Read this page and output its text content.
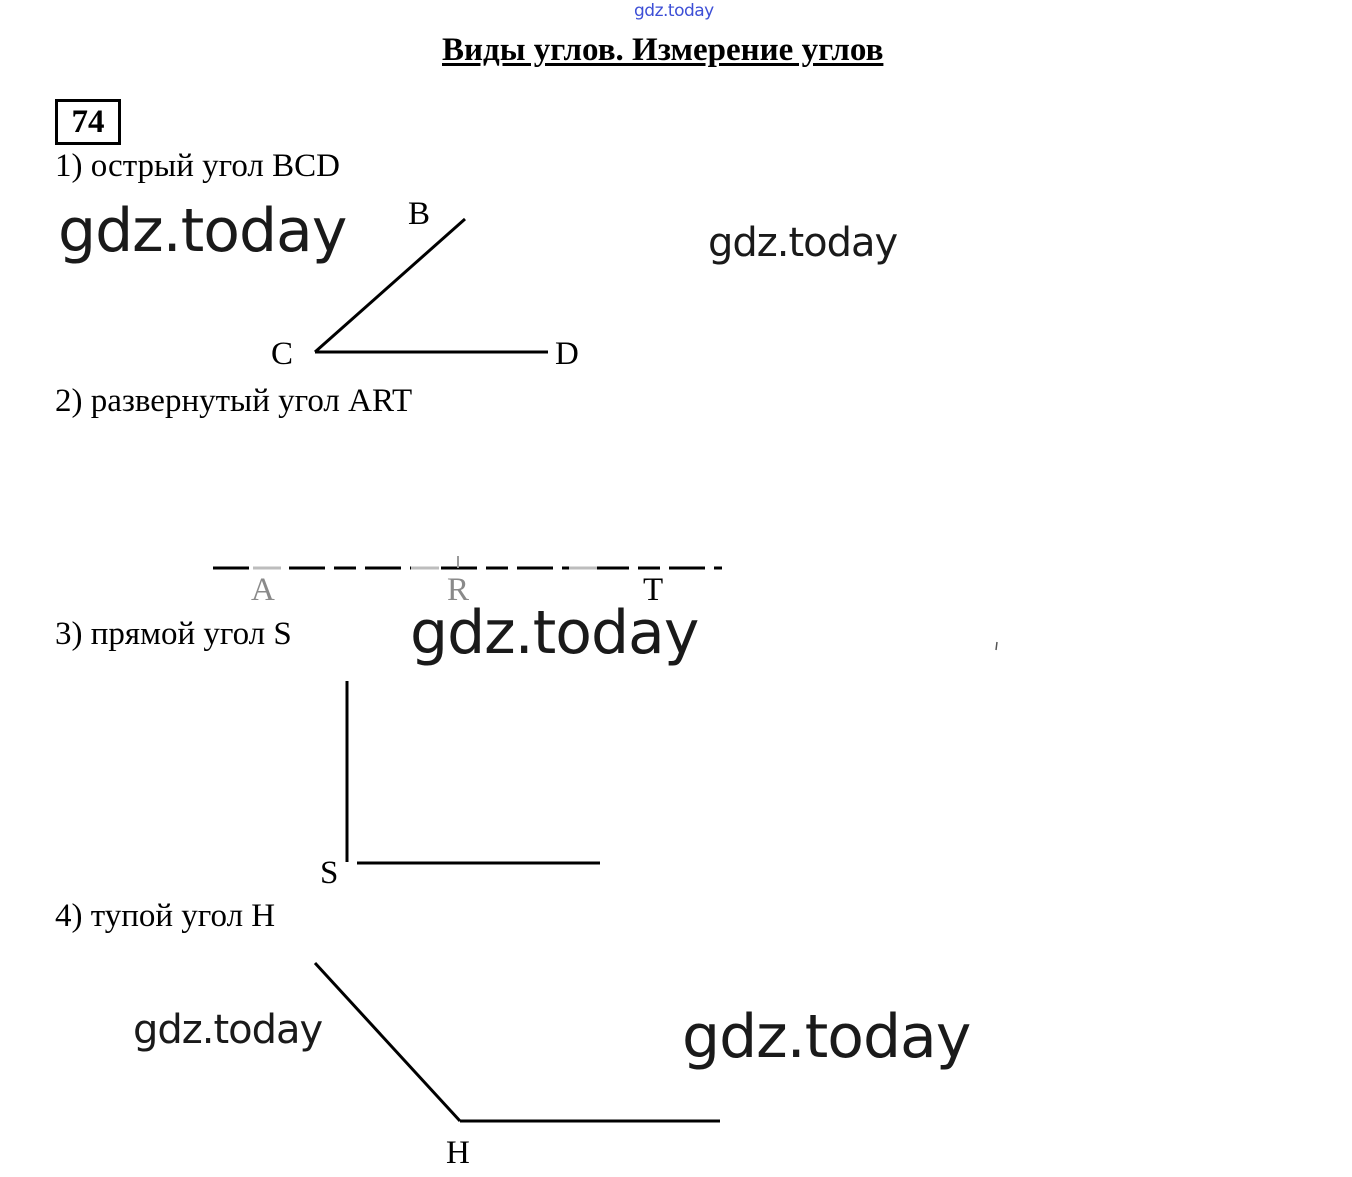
gdz.today
Виды углов. Измерение углов
74
1) острый угол BCD
2) развернутый угол ART
3) прямой угол S
4) тупой угол H
B
C	D
A	R	T
S
H
gdz.today	gdz.today
gdz.today
gdz.today	gdz.today
